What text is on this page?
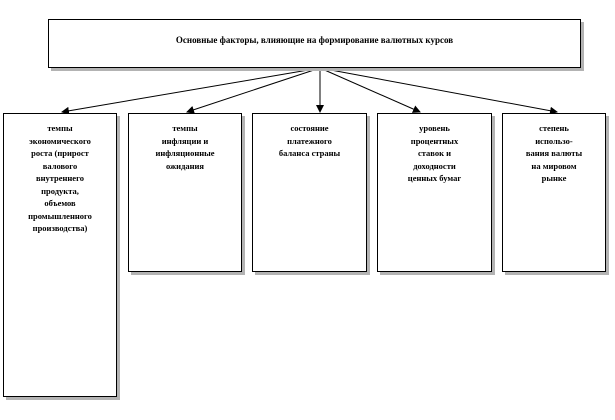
Основные факторы, влияющие на формирование валютных курсов
темпы
экономического
роста (прирост
валового
внутреннего
продукта,
объемов
промышленного
производства)
темпы
инфляции и
инфляционные
ожидания
состояние
платежного
баланса страны
уровень
процентных
ставок и
доходности
ценных бумаг
степень
использо-
вания валюты
на мировом
рынке
